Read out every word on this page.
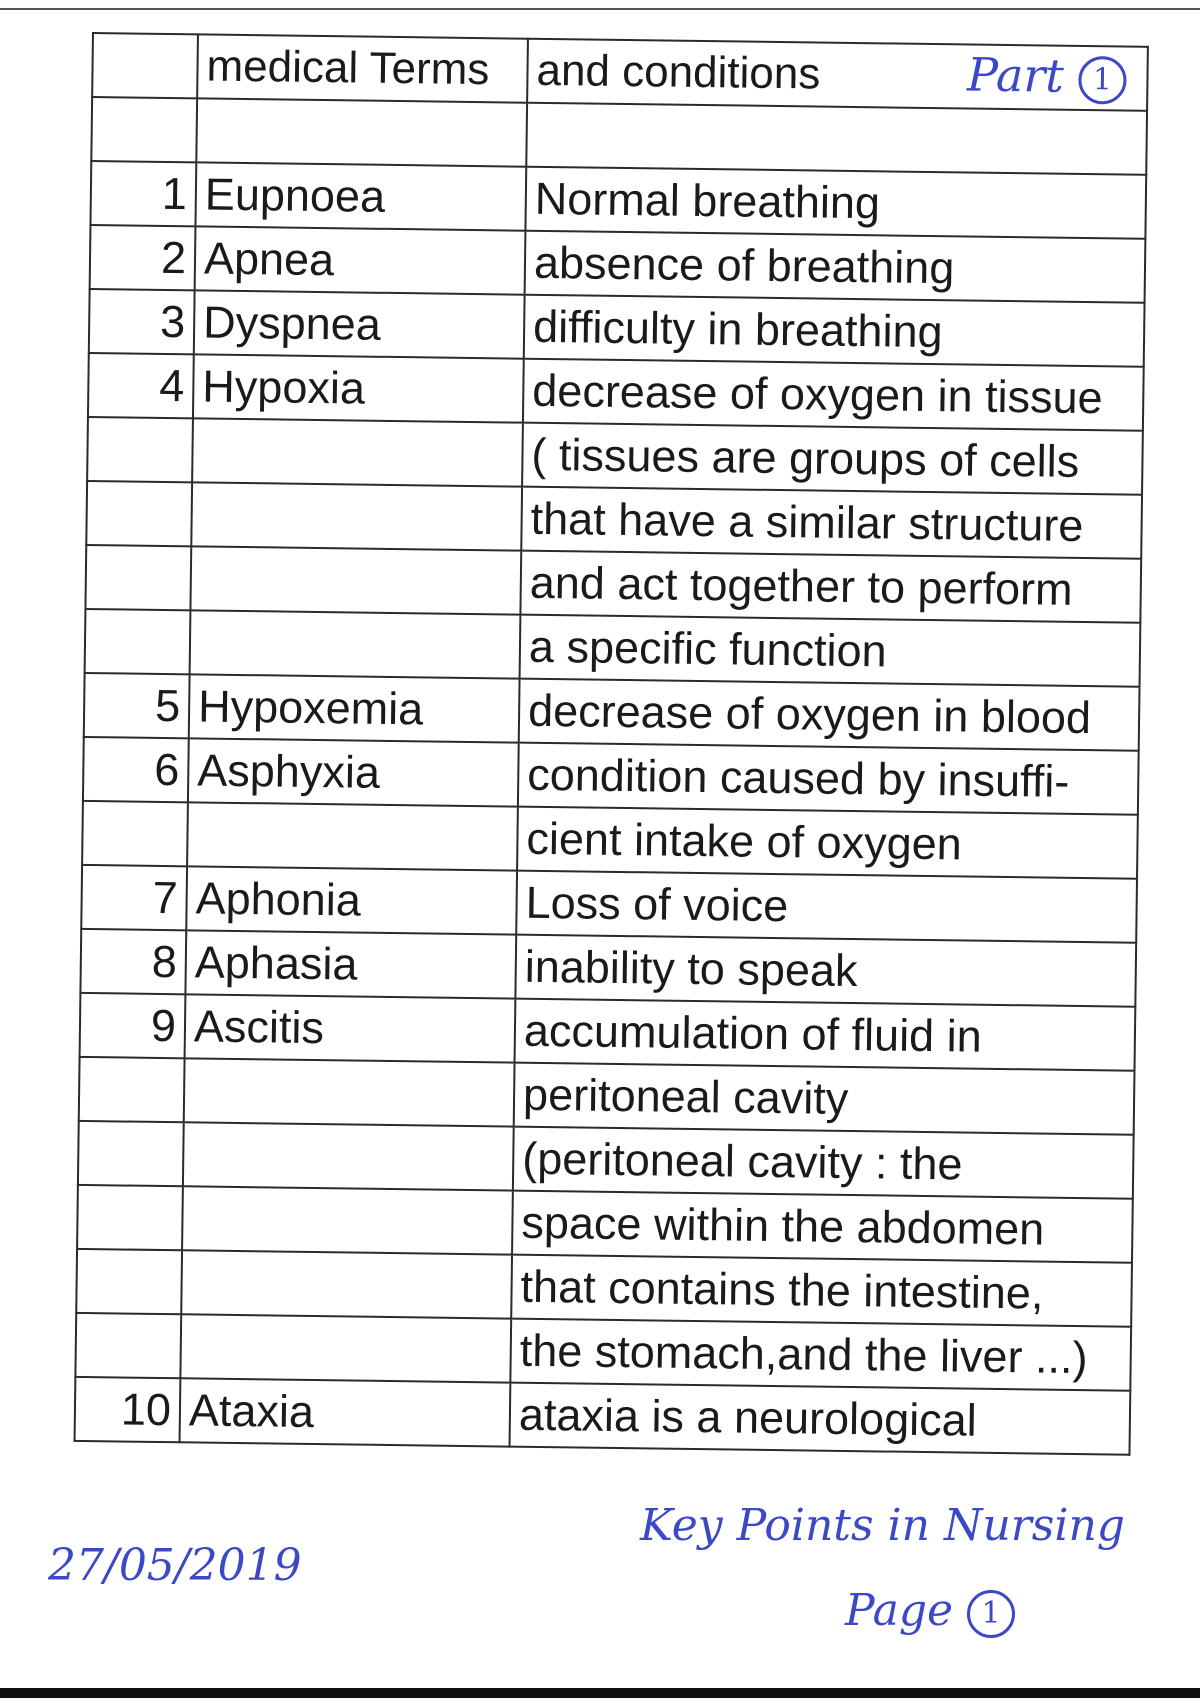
	medical Terms	and conditions Part 1

1	Eupnoea	Normal breathing
2	Apnea	absence of breathing
3	Dyspnea	difficulty in breathing
4	Hypoxia	decrease of oxygen in tissue
		( tissues are groups of cells
		that have a similar structure
		and act together to perform
		a specific function
5	Hypoxemia	decrease of oxygen in blood
6	Asphyxia	condition caused by insuffi-
		cient intake of oxygen
7	Aphonia	Loss of voice
8	Aphasia	inability to speak
9	Ascitis	accumulation of fluid in
		peritoneal cavity
		(peritoneal cavity : the
		space within the abdomen
		that contains the intestine,
		the stomach,and the liver ...)
10	Ataxia	ataxia is a neurological
27/05/2019
Key Points in Nursing
Page 1
